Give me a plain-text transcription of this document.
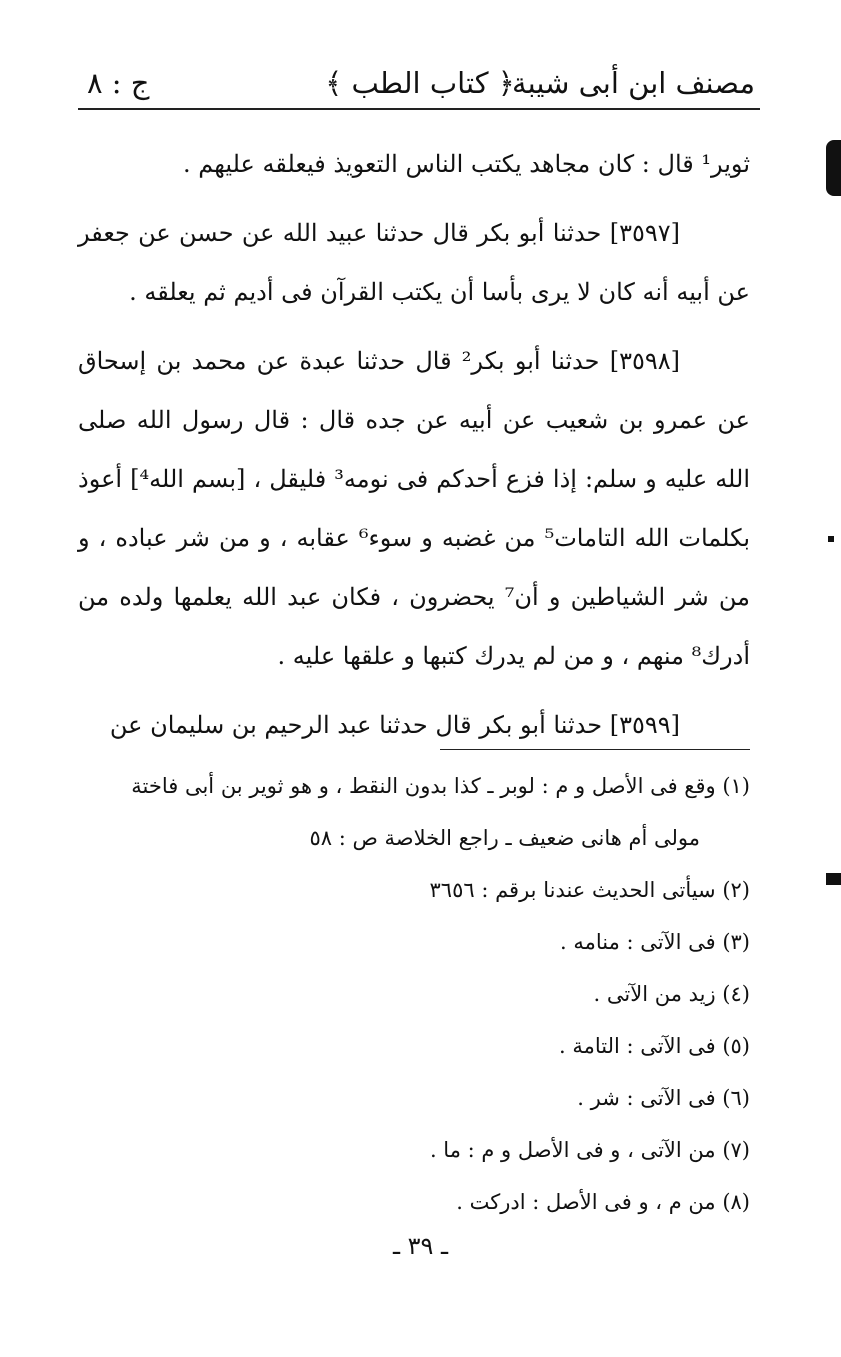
مصنف ابن أبى شيبة
﴿ كتاب الطب ﴾
ج : ٨

ثوير¹ قال : كان مجاهد يكتب الناس التعويذ فيعلقه عليهم .

[٣٥٩٧] حدثنا أبو بكر قال حدثنا عبيد الله عن حسن عن جعفر عن أبيه أنه كان لا يرى بأسا أن يكتب القرآن فى أديم ثم يعلقه .

[٣٥٩٨] حدثنا أبو بكر² قال حدثنا عبدة عن محمد بن إسحاق عن عمرو بن شعيب عن أبيه عن جده قال : قال رسول الله صلى الله عليه و سلم: إذا فزع أحدكم فى نومه³ فليقل ، [بسم الله⁴] أعوذ بكلمات الله التامات⁵ من غضبه و سوء⁶ عقابه ، و من شر عباده ، و من شر الشياطين و أن⁷ يحضرون ، فكان عبد الله يعلمها ولده من أدرك⁸ منهم ، و من لم يدرك كتبها و علقها عليه .

[٣٥٩٩] حدثنا أبو بكر قال حدثنا عبد الرحيم بن سليمان عن

(١) وقع فى الأصل و م : لوبر ـ كذا بدون النقط ، و هو ثوير بن أبى فاختة

مولى أم هانى ضعيف ـ راجع الخلاصة ص : ٥٨

(٢) سيأتى الحديث عندنا برقم : ٣٦٥٦

(٣) فى الآتى : منامه .

(٤) زيد من الآتى .

(٥) فى الآتى : التامة .

(٦) فى الآتى : شر .

(٧) من الآتى ، و فى الأصل و م : ما .

(٨) من م ، و فى الأصل : ادركت .

ـ ٣٩ ـ
